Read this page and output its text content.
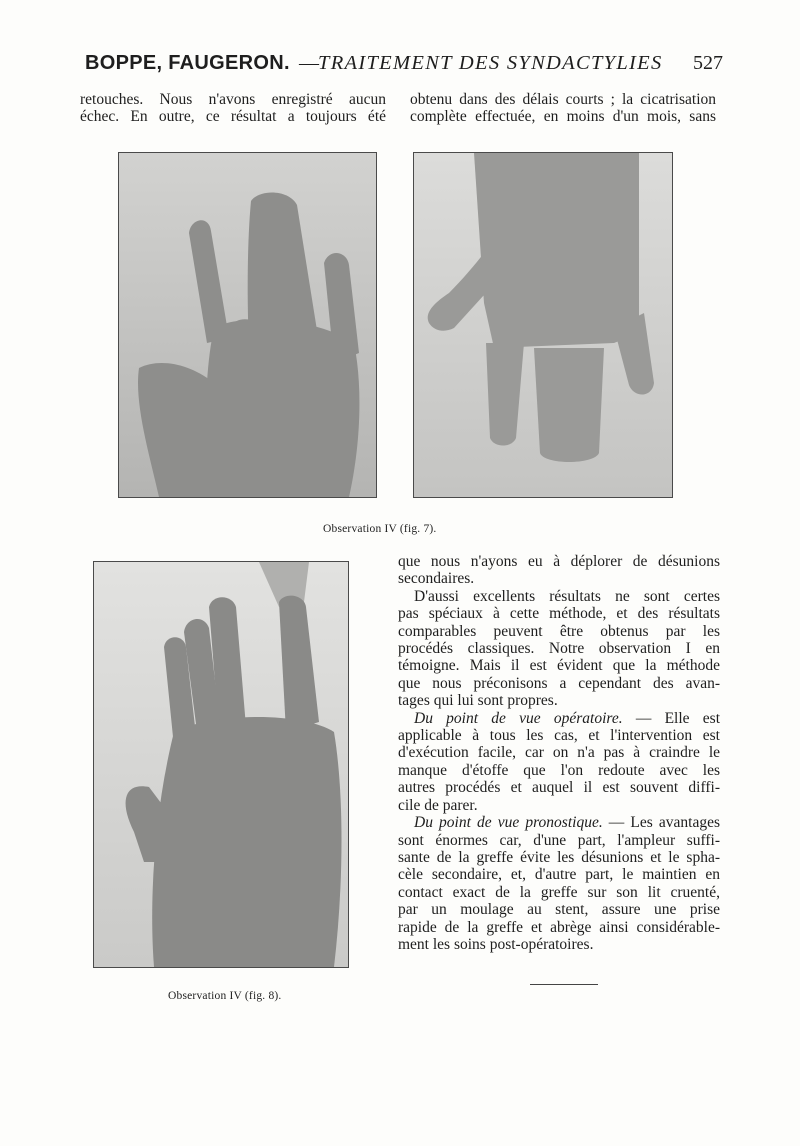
BOPPE, FAUGERON. — TRAITEMENT DES SYNDACTYLIES 527

retouches. Nous n'avons enregistré aucun

échec. En outre, ce résultat a toujours été

obtenu dans des délais courts ; la cicatrisation

complète effectuée, en moins d'un mois, sans

Observation IV (fig. 7).
Observation IV (fig. 8).

que nous n'ayons eu à déplorer de désunions

secondaires.

D'aussi excellents résultats ne sont certes

pas spéciaux à cette méthode, et des résultats

comparables peuvent être obtenus par les

procédés classiques. Notre observation I en

témoigne. Mais il est évident que la méthode

que nous préconisons a cependant des avan-

tages qui lui sont propres.

Du point de vue opératoire. — Elle est

applicable à tous les cas, et l'intervention est

d'exécution facile, car on n'a pas à craindre le

manque d'étoffe que l'on redoute avec les

autres procédés et auquel il est souvent diffi-

cile de parer.

Du point de vue pronostique. — Les avantages

sont énormes car, d'une part, l'ampleur suffi-

sante de la greffe évite les désunions et le spha-

cèle secondaire, et, d'autre part, le maintien en

contact exact de la greffe sur son lit cruenté,

par un moulage au stent, assure une prise

rapide de la greffe et abrège ainsi considérable-

ment les soins post-opératoires.
